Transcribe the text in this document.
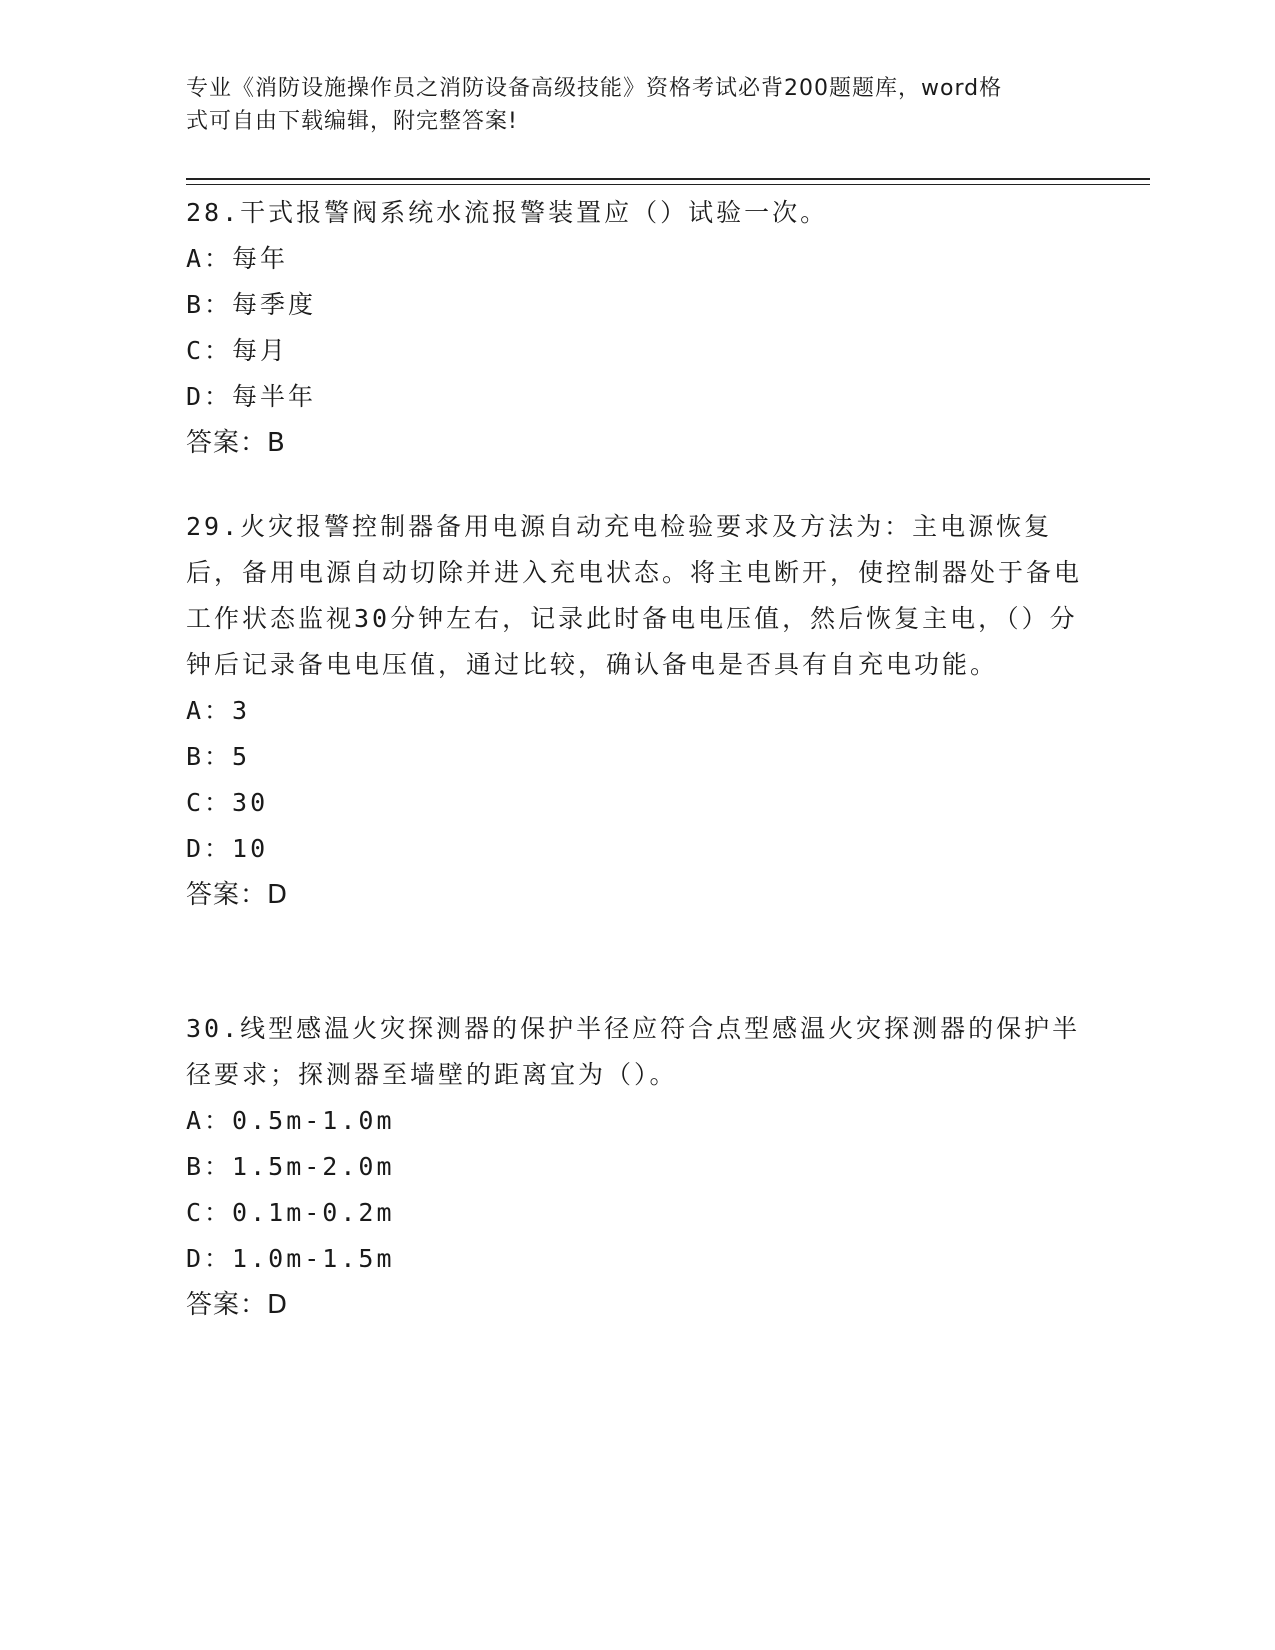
专业《消防设施操作员之消防设备高级技能》资格考试必背200题题库，word格
式可自由下载编辑，附完整答案!
28.干式报警阀系统水流报警装置应（）试验一次。
A：每年
B：每季度
C：每月
D：每半年
答案：B
29.火灾报警控制器备用电源自动充电检验要求及方法为：主电源恢复后，备用电源自动切除并进入充电状态。将主电断开，使控制器处于备电工作状态监视30分钟左右，记录此时备电电压值，然后恢复主电，（）分钟后记录备电电压值，通过比较，确认备电是否具有自充电功能。
A：3
B：5
C：30
D：10
答案：D
30.线型感温火灾探测器的保护半径应符合点型感温火灾探测器的保护半径要求；探测器至墙壁的距离宜为（）。
A：0.5m-1.0m
B：1.5m-2.0m
C：0.1m-0.2m
D：1.0m-1.5m
答案：D
